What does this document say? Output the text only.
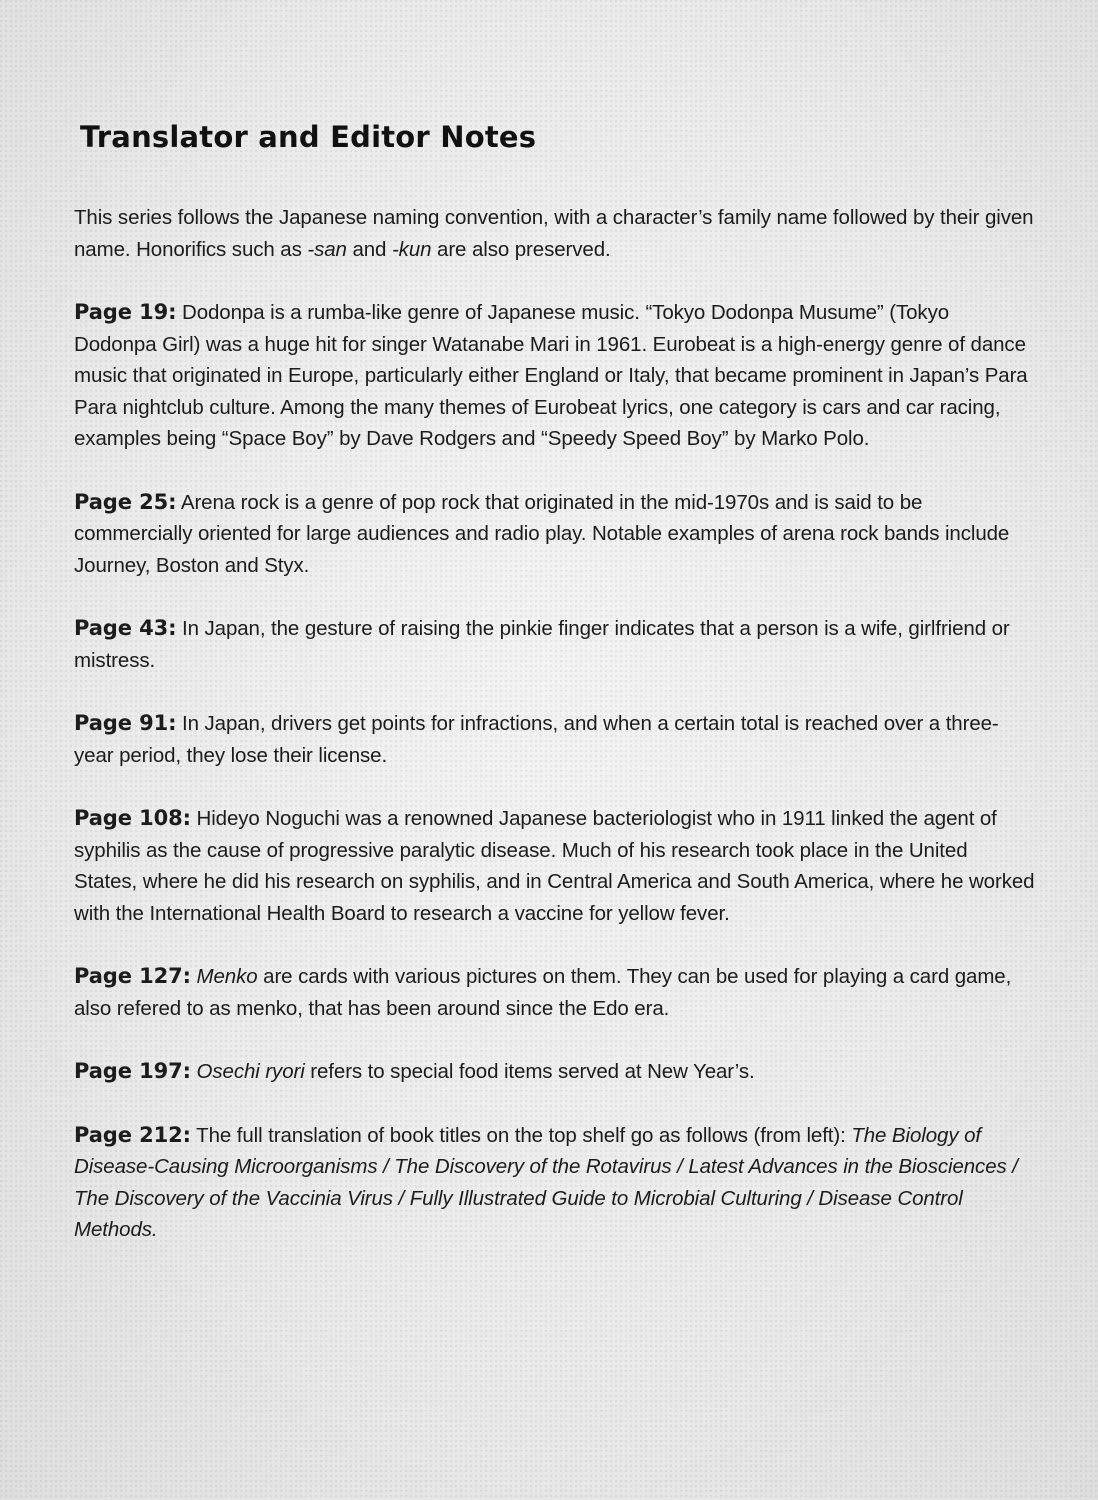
Translator and Editor Notes

This series follows the Japanese naming convention, with a character’s family name followed by their given name. Honorifics such as -san and -kun are also preserved.

Page 19: Dodonpa is a rumba-like genre of Japanese music. “Tokyo Dodonpa Musume” (Tokyo Dodonpa Girl) was a huge hit for singer Watanabe Mari in 1961. Eurobeat is a high-energy genre of dance music that originated in Europe, particularly either England or Italy, that became prominent in Japan’s Para Para nightclub culture. Among the many themes of Eurobeat lyrics, one category is cars and car racing, examples being “Space Boy” by Dave Rodgers and “Speedy Speed Boy” by Marko Polo.

Page 25: Arena rock is a genre of pop rock that originated in the mid-1970s and is said to be commercially oriented for large audiences and radio play. Notable examples of arena rock bands include Journey, Boston and Styx.

Page 43: In Japan, the gesture of raising the pinkie finger indicates that a person is a wife, girlfriend or mistress.

Page 91: In Japan, drivers get points for infractions, and when a certain total is reached over a three-year period, they lose their license.

Page 108: Hideyo Noguchi was a renowned Japanese bacteriologist who in 1911 linked the agent of syphilis as the cause of progressive paralytic disease. Much of his research took place in the United States, where he did his research on syphilis, and in Central America and South America, where he worked with the International Health Board to research a vaccine for yellow fever.

Page 127: Menko are cards with various pictures on them. They can be used for playing a card game, also refered to as menko, that has been around since the Edo era.

Page 197: Osechi ryori refers to special food items served at New Year’s.

Page 212: The full translation of book titles on the top shelf go as follows (from left): The Biology of Disease-Causing Microorganisms / The Discovery of the Rotavirus / Latest Advances in the Biosciences / The Discovery of the Vaccinia Virus / Fully Illustrated Guide to Microbial Culturing / Disease Control Methods.
